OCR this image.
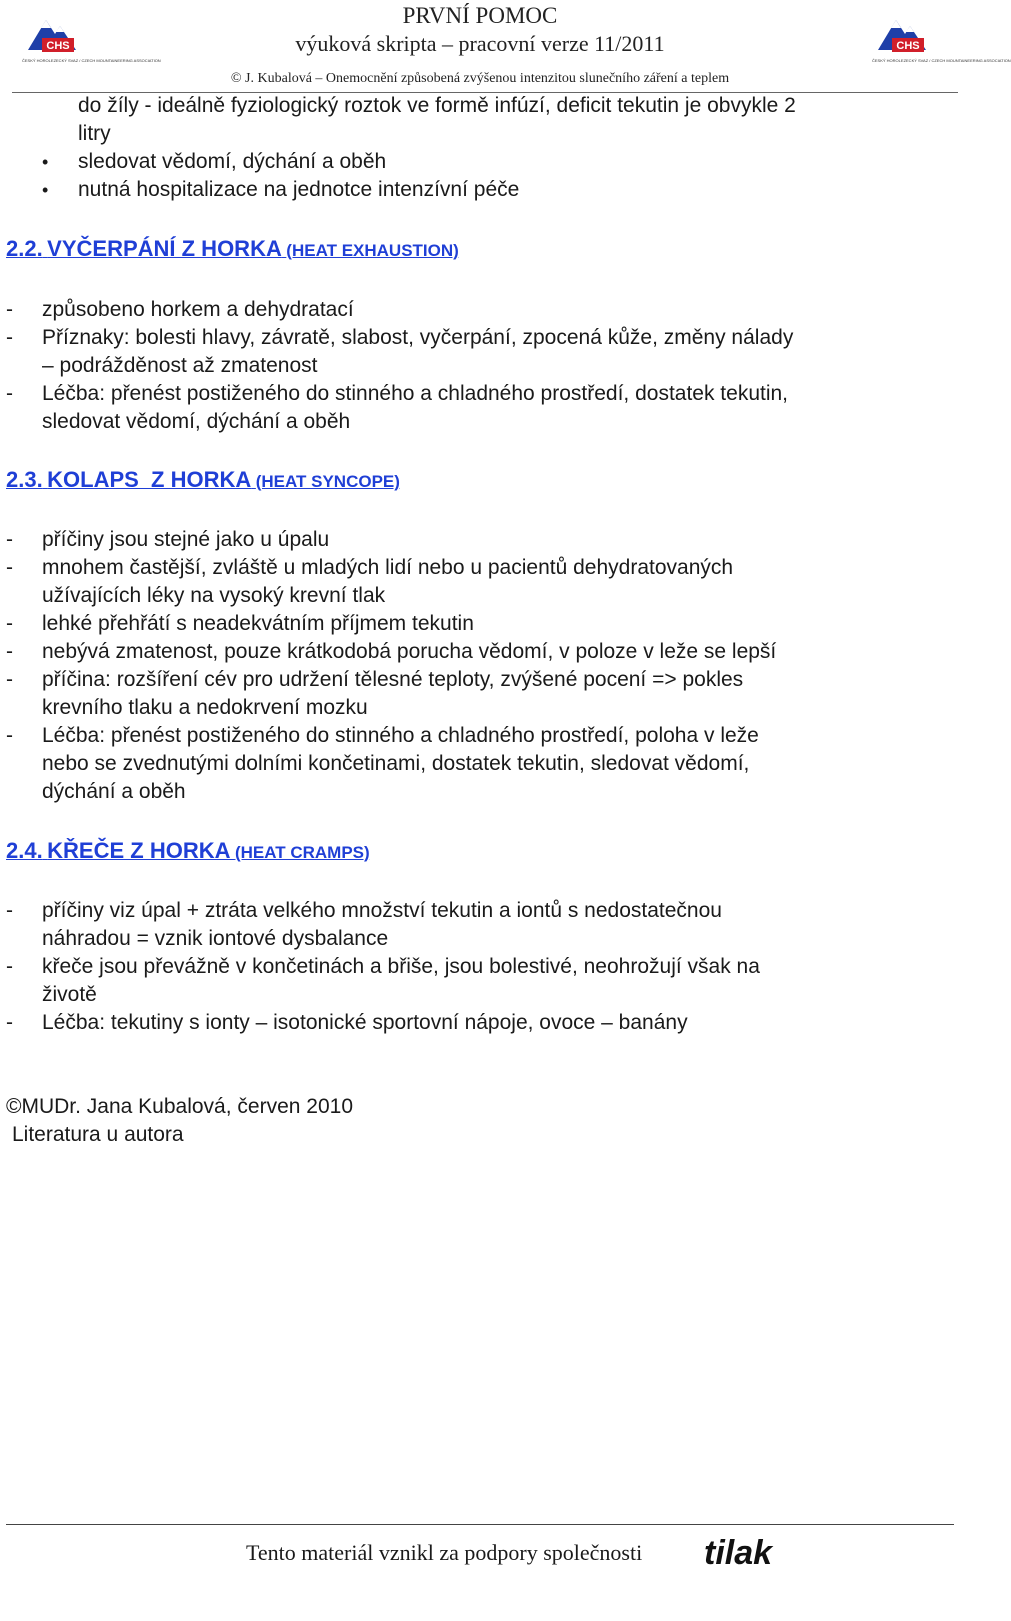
CHS
ČESKÝ HOROLEZECKÝ SVAZ / CZECH MOUNTAINEERING ASSOCIATION
PRVNÍ POMOC
výuková skripta – pracovní verze 11/2011
© J. Kubalová – Onemocnění způsobená zvýšenou intenzitou slunečního záření a teplem
CHS
ČESKÝ HOROLEZECKÝ SVAZ / CZECH MOUNTAINEERING ASSOCIATION
do žíly - ideálně fyziologický roztok ve formě infúzí, deficit tekutin je obvykle 2
litry
• sledovat vědomí, dýchání a oběh
• nutná hospitalizace na jednotce intenzívní péče
2.2. VYČERPÁNÍ Z HORKA (HEAT EXHAUSTION)
- způsobeno horkem a dehydratací
- Příznaky: bolesti hlavy, závratě, slabost, vyčerpání, zpocená kůže, změny nálady
– podrážděnost až zmatenost
- Léčba: přenést postiženého do stinného a chladného prostředí, dostatek tekutin,
sledovat vědomí, dýchání a oběh
2.3. KOLAPS  Z HORKA (HEAT SYNCOPE)
- příčiny jsou stejné jako u úpalu
- mnohem častější, zvláště u mladých lidí nebo u pacientů dehydratovaných
užívajících léky na vysoký krevní tlak
- lehké přehřátí s neadekvátním příjmem tekutin
- nebývá zmatenost, pouze krátkodobá porucha vědomí, v poloze v leže se lepší
- příčina: rozšíření cév pro udržení tělesné teploty, zvýšené pocení => pokles
krevního tlaku a nedokrvení mozku
- Léčba: přenést postiženého do stinného a chladného prostředí, poloha v leže
nebo se zvednutými dolními končetinami, dostatek tekutin, sledovat vědomí,
dýchání a oběh
2.4. KŘEČE Z HORKA (HEAT CRAMPS)
- příčiny viz úpal + ztráta velkého množství tekutin a iontů s nedostatečnou
náhradou = vznik iontové dysbalance
- křeče jsou převážně v končetinách a břiše, jsou bolestivé, neohrožují však na
životě
- Léčba: tekutiny s ionty – isotonické sportovní nápoje, ovoce – banány
©MUDr. Jana Kubalová, červen 2010
Literatura u autora
Tento materiál vznikl za podpory společnosti tilak
